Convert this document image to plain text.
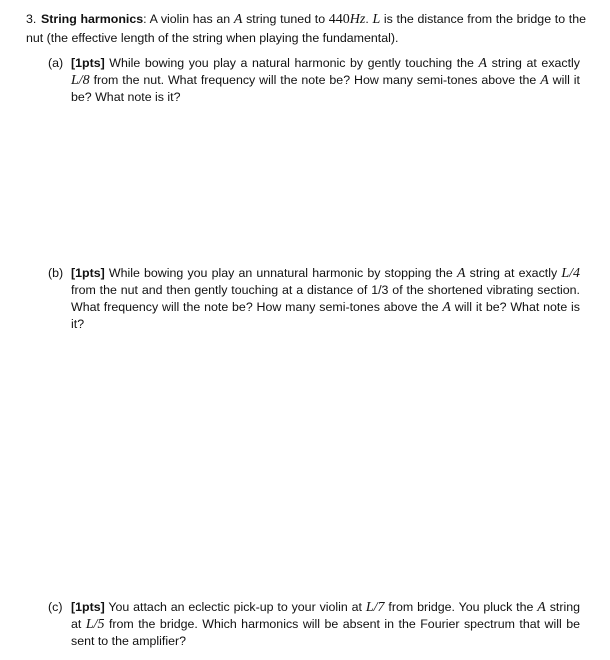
3. String harmonics: A violin has an A string tuned to 440Hz. L is the distance from the bridge to the nut (the effective length of the string when playing the fundamental).
(a) [1pts] While bowing you play a natural harmonic by gently touching the A string at exactly L/8 from the nut. What frequency will the note be? How many semi-tones above the A will it be? What note is it?
(b) [1pts] While bowing you play an unnatural harmonic by stopping the A string at exactly L/4 from the nut and then gently touching at a distance of 1/3 of the shortened vibrating section. What frequency will the note be? How many semi-tones above the A will it be? What note is it?
(c) [1pts] You attach an eclectic pick-up to your violin at L/7 from bridge. You pluck the A string at L/5 from the bridge. Which harmonics will be absent in the Fourier spectrum that will be sent to the amplifier?
